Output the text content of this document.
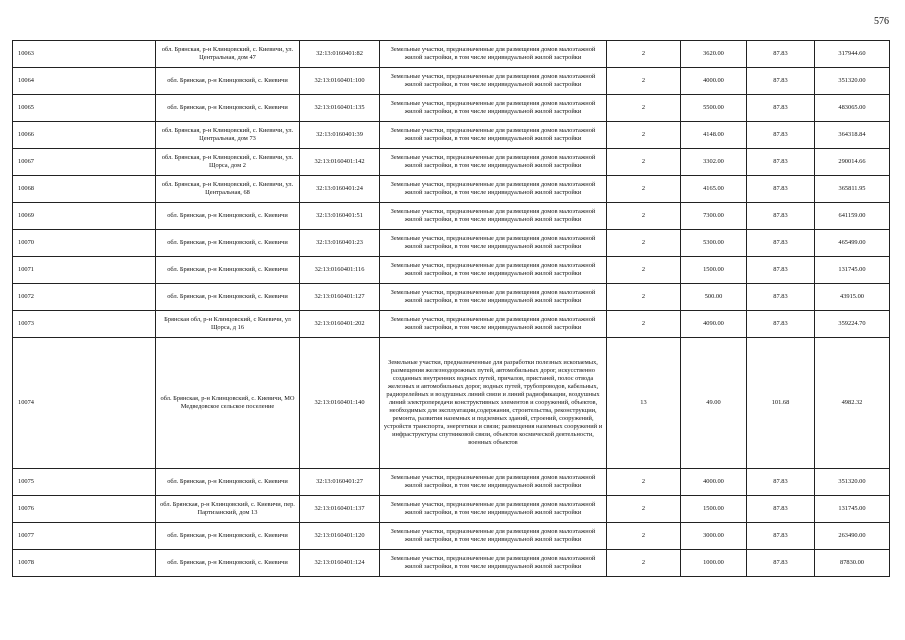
576
10063	обл. Брянская, р-н Клинцовский, с. Киевичи, ул. Центральная, дом 47	32:13:0160401:82	Земельные участки, предназначенные для размещения домов малоэтажной жилой застройки, в том числе индивидуальной жилой застройки	2	3620.00	87.83	317944.60
10064	обл. Брянская, р-н Клинцовский, с. Киевичи	32:13:0160401:100	Земельные участки, предназначенные для размещения домов малоэтажной жилой застройки, в том числе индивидуальной жилой застройки	2	4000.00	87.83	351320.00
10065	обл. Брянская, р-н Клинцовский, с. Киевичи	32:13:0160401:135	Земельные участки, предназначенные для размещения домов малоэтажной жилой застройки, в том числе индивидуальной жилой застройки	2	5500.00	87.83	483065.00
10066	обл. Брянская, р-н Клинцовский, с. Киевичи, ул. Центральная, дом 73	32:13:0160401:39	Земельные участки, предназначенные для размещения домов малоэтажной жилой застройки, в том числе индивидуальной жилой застройки	2	4148.00	87.83	364318.84
10067	обл. Брянская, р-н Клинцовский, с. Киевичи, ул. Щорса, дом 2	32:13:0160401:142	Земельные участки, предназначенные для размещения домов малоэтажной жилой застройки, в том числе индивидуальной жилой застройки	2	3302.00	87.83	290014.66
10068	обл. Брянская, р-н Клинцовский, с. Киевичи, ул. Центральная, 68	32:13:0160401:24	Земельные участки, предназначенные для размещения домов малоэтажной жилой застройки, в том числе индивидуальной жилой застройки	2	4165.00	87.83	365811.95
10069	обл. Брянская, р-н Клинцовский, с. Киевичи	32:13:0160401:51	Земельные участки, предназначенные для размещения домов малоэтажной жилой застройки, в том числе индивидуальной жилой застройки	2	7300.00	87.83	641159.00
10070	обл. Брянская, р-н Клинцовский, с. Киевичи	32:13:0160401:23	Земельные участки, предназначенные для размещения домов малоэтажной жилой застройки, в том числе индивидуальной жилой застройки	2	5300.00	87.83	465499.00
10071	обл. Брянская, р-н Клинцовский, с. Киевичи	32:13:0160401:116	Земельные участки, предназначенные для размещения домов малоэтажной жилой застройки, в том числе индивидуальной жилой застройки	2	1500.00	87.83	131745.00
10072	обл. Брянская, р-н Клинцовский, с. Киевичи	32:13:0160401:127	Земельные участки, предназначенные для размещения домов малоэтажной жилой застройки, в том числе индивидуальной жилой застройки	2	500.00	87.83	43915.00
10073	Брянская обл, р-н Клинцовский, с Киевичи, ул Щорса, д 16	32:13:0160401:202	Земельные участки, предназначенные для размещения домов малоэтажной жилой застройки, в том числе индивидуальной жилой застройки	2	4090.00	87.83	359224.70
10074	обл. Брянская, р-н Клинцовский, с. Киевичи, МО Медведовское сельское поселение	32:13:0160401:140	Земельные участки, предназначенные для разработки полезных ископаемых, размещения железнодорожных путей, автомобильных дорог, искусственно созданных внутренних водных путей, причалов, пристаней, полос отвода железных и автомобильных дорог, водных путей, трубопроводов, кабельных, радиорелейных и воздушных линий связи и линий радиофикации, воздушных линий электропередачи конструктивных элементов и сооружений, объектов, необходимых для эксплуатации,содержания, строительства, реконструкции, ремонта, развития наземных и подземных зданий, строений, сооружений, устройств транспорта, энергетики и связи; размещения наземных сооружений и инфраструктуры спутниковой связи, объектов космической деятельности, военных объектов	13	49.00	101.68	4982.32
10075	обл. Брянская, р-н Клинцовский, с. Киевичи	32:13:0160401:27	Земельные участки, предназначенные для размещения домов малоэтажной жилой застройки, в том числе индивидуальной жилой застройки	2	4000.00	87.83	351320.00
10076	обл. Брянская, р-н Клинцовский, с. Киевичи, пер. Партизанский, дом 13	32:13:0160401:137	Земельные участки, предназначенные для размещения домов малоэтажной жилой застройки, в том числе индивидуальной жилой застройки	2	1500.00	87.83	131745.00
10077	обл. Брянская, р-н Клинцовский, с. Киевичи	32:13:0160401:120	Земельные участки, предназначенные для размещения домов малоэтажной жилой застройки, в том числе индивидуальной жилой застройки	2	3000.00	87.83	263490.00
10078	обл. Брянская, р-н Клинцовский, с. Киевичи	32:13:0160401:124	Земельные участки, предназначенные для размещения домов малоэтажной жилой застройки, в том числе индивидуальной жилой застройки	2	1000.00	87.83	87830.00
